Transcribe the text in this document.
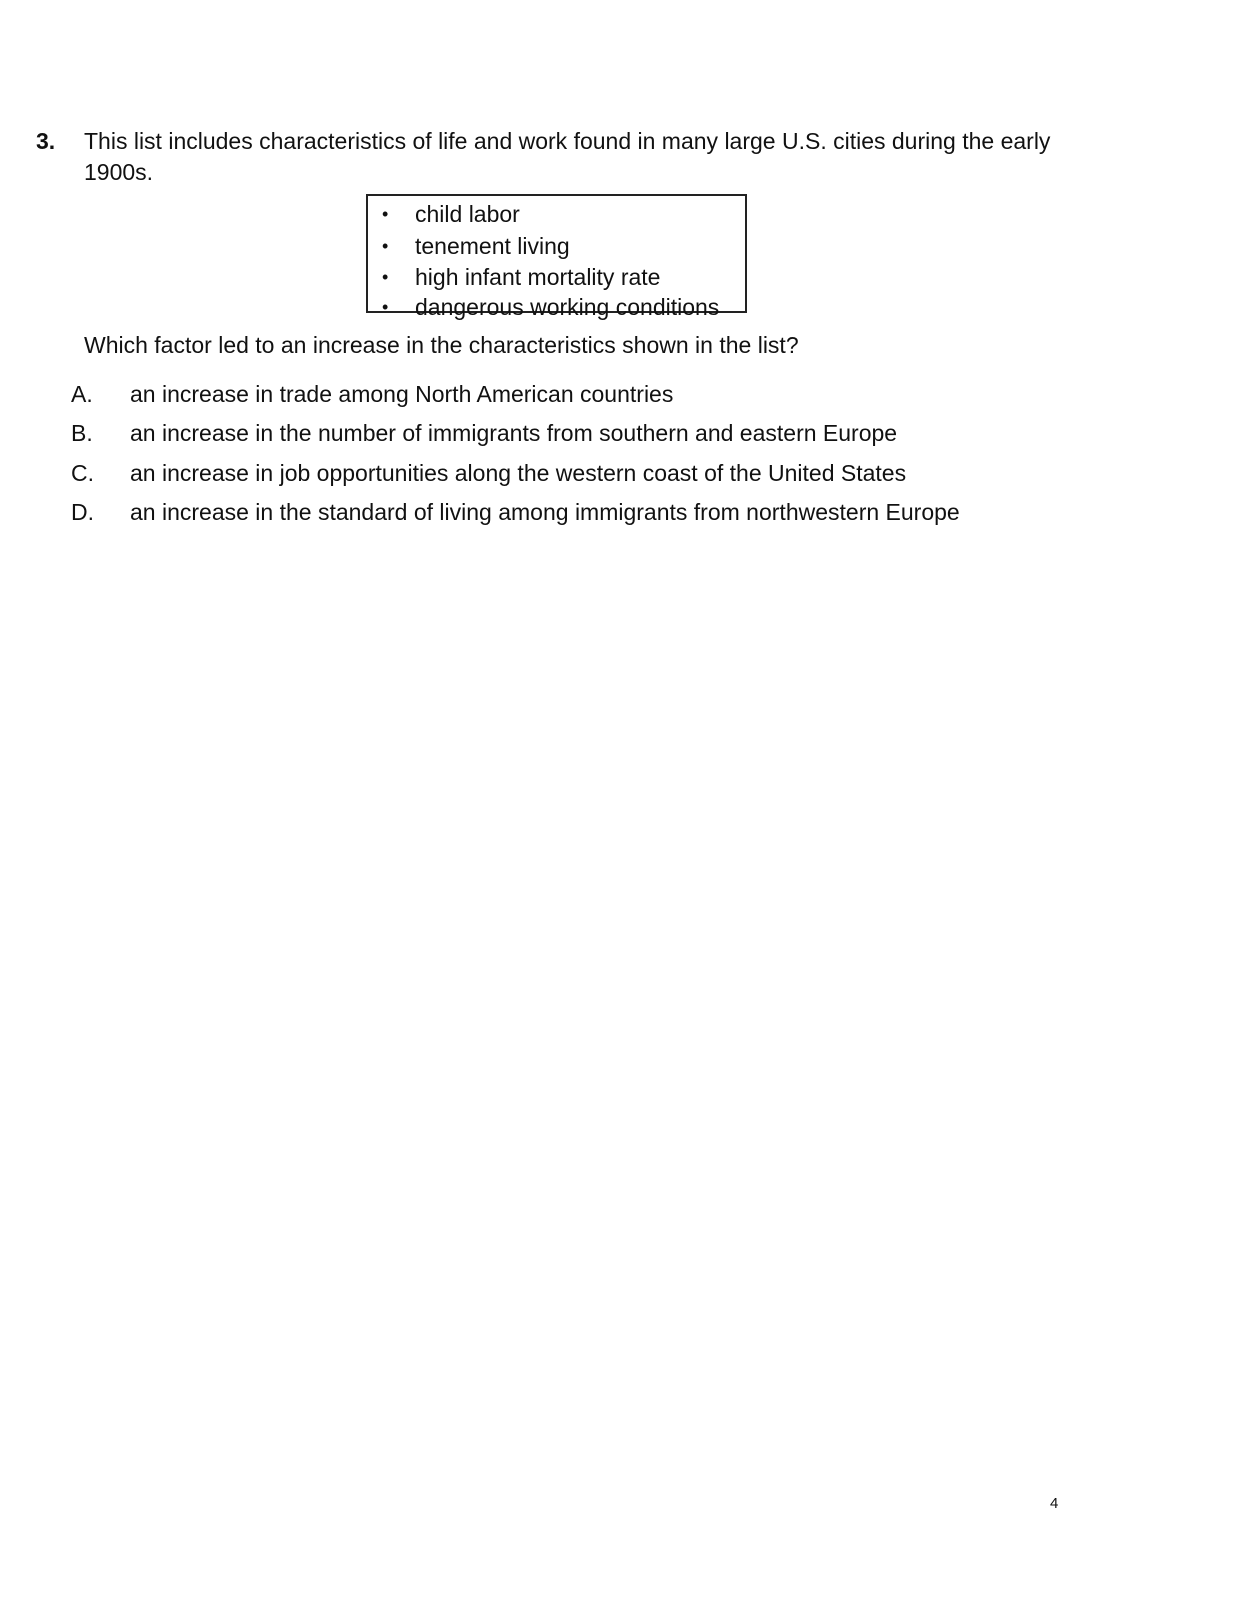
3. This list includes characteristics of life and work found in many large U.S. cities during the early 1900s.
• child labor
• tenement living
• high infant mortality rate
• dangerous working conditions
Which factor led to an increase in the characteristics shown in the list?
A. an increase in trade among North American countries
B. an increase in the number of immigrants from southern and eastern Europe
C. an increase in job opportunities along the western coast of the United States
D. an increase in the standard of living among immigrants from northwestern Europe
4
